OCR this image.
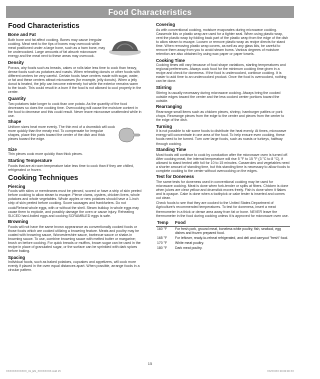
Food Characteristics
Food Characteristics
Bone and Fat
Both bone and fat affect cooking. Bones may cause irregular cooking. Meat next to the tips of bones may overcook while meat positioned under a large bone, such as a ham bone, may be undercooked. Large amounts of fat absorb microwave energy and the meat next to these areas may overcook.
Density
Porous, airy foods such as breads, cakes or rolls take less time to cook than heavy, dense foods such as potatoes and roasts. When reheating donuts or other foods with different centers be very careful. Certain foods have centers made with sugar, water, or fat and these centers attract microwaves (for example, jelly donuts). When a jelly donut is heated, the jelly can become extremely hot while the exterior remains warm to the touch. This could result in a burn if the food is not allowed to cool properly in the center.
Quantity
Two potatoes take longer to cook than one potato. As the quantity of the food decreases so does the cooking time. Overcooking will cause the moisture content in the food to decrease and this could result. Never leave microwave unattended while in use.
Shape
Uniform sizes heat more evenly. The thin end of a drumstick will cook more quickly than the meaty end. To compensate for irregular shapes, place thin parts toward the center of the dish and thick pieces toward the edge.
Size
Thin pieces cook more quickly than thick pieces.
Starting Temperature
Foods that are at room temperature take less time to cook than if they are chilled, refrigerated or frozen.
Cooking Techniques
Piercing
Foods with skins or membranes must be pierced, scored or have a strip of skin peeled before cooking to allow steam to escape. Pierce clams, oysters, chicken livers, whole potatoes and whole vegetables. Whole apples or new potatoes should have a 1-inch strip of skin peeled before cooking. Score sausages and frankfurters. Do not cook/Reheat whole eggs, with or without the shell. Steam buildup in whole eggs may cause them to explode, and possibly damage the oven or cause injury. Reheating SLICED hard-boiled eggs and cooking SCRAMBLED eggs is safe.
Browning
Foods will not have the same brown appearance as conventionally cooked foods or those foods which are cooked utilizing a browning feature. Meats and poultry may be coated with browning sauce, Worcestershire sauce, barbecue sauce or shake-in browning sauce. To use, combine browning sauce with melted butter or margarine; brush on before cooking. For quick breads or muffins, brown sugar can be used in the recipe in place of granulated sugar, or the surface can be sprinkled with dark spices before baking.
Spacing
Individual foods, such as baked potatoes, cupcakes and appetizers, will cook more evenly if placed in the oven equal distances apart. When possible, arrange foods in a circular pattern.
Covering
As with conventional cooking, moisture evaporates during microwave cooking. Casserole lids or plastic wrap are used for a tighter seal. When using plastic wrap, vent the plastic wrap by folding back part of the plastic wrap from the edge of the dish to allow steam to escape. Loosen or remove plastic wrap as recipe directs for stand time. When removing plastic wrap covers, as well as any glass lids, be careful to remove them away from you to avoid steam burns. Various degrees of moisture retention are also obtained by using wax paper or paper towels.
Cooking Time
Cooking times will vary because of food shape variations, starting temperatures and regional preferences. Always cook food for the minimum cooking time given in a recipe and check for doneness. If the food is undercooked, continue cooking. It is easier to add time to an undercooked product. Once the food is overcooked, nothing can be done.
Stirring
Stirring is usually necessary during microwave cooking. Always bring the cooked outside edges toward the center and the less cooked center portions toward the outside.
Rearranging
Rearrange small items such as chicken pieces, shrimp, hamburger patties or pork chops. Rearrange pieces from the edge to the center and pieces from the center to the edge of the dish.
Turning
It is not possible to stir some foods to distribute the heat evenly. At times, microwave energy will concentrate in one area of the food. To help ensure even cooking, these foods need to be turned. Turn over large foods, such as roasts or turkeys, halfway through cooking.
Standing Time
Most foods will continue to cook by conduction after the microwave oven is turned off. After cooking meat, the internal temperature will rise 5 °F to 15 °F (3 °C to 8 °C), if allowed to stand tented with foil for 10 to 15 minutes. Casseroles and vegetables need a shorter amount of standing time, but this standing time is necessary to allow foods to complete cooking to the center without overcooking on the edges.
Test for Doneness
The same tests for doneness used in conventional cooking may be used for microwave cooking. Meat is done when fork-tender or splits at fibers. Chicken is done when juices are clear yellow and drumstick moves freely. Fish is done when it flakes and is opaque. Cake is done when a toothpick or cake tester is inserted and comes out clean.
Check foods to see that they are cooked to the United States Department of Agriculture's recommended temperatures. To test for doneness, insert a meat thermometer in a thick or dense area away from fat or bone. NEVER leave the thermometer in the food during cooking unless it is approved for microwave oven use.
Temp	Food
160 °F	For fresh pork, ground meat, boneless white poultry, fish, seafood, egg dishes and frozen prepared food.
165 °F	For leftover, ready-to-reheat refrigerated, and deli and carryout "fresh" food.
170 °F	White meat poultry.
180 °F	Dark meat poultry.
15
XXXXXXXXXXXX_01_EN_XXXXXXXX.indd 15	XX/XX/XX 00:00:00 XX
